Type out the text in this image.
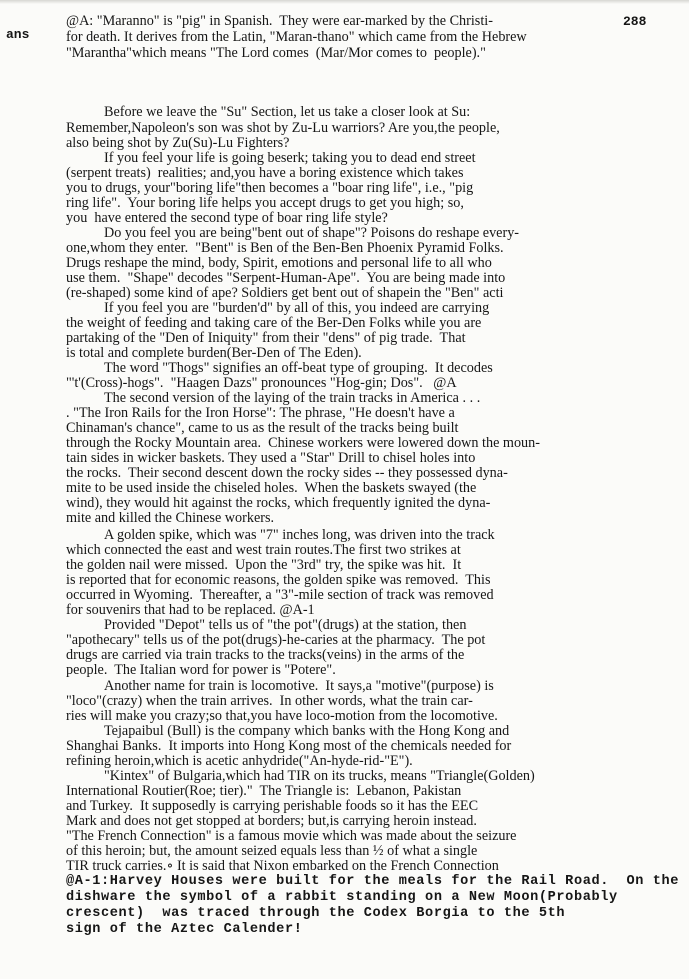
288
ans
@A: "Maranno" is "pig" in Spanish.  They were ear-marked by the Christi-
for death. It derives from the Latin, "Maran-thano" which came from the Hebrew
"Marantha"which means "The Lord comes  (Mar/Mor comes to  people)."
Before we leave the "Su" Section, let us take a closer look at Su:
Remember,Napoleon's son was shot by Zu-Lu warriors? Are you,the people,
also being shot by Zu(Su)-Lu Fighters?
If you feel your life is going beserk; taking you to dead end street
(serpent treats)  realities; and,you have a boring existence which takes
you to drugs, your"boring life"then becomes a "boar ring life", i.e., "pig
ring life".  Your boring life helps you accept drugs to get you high; so,
you  have entered the second type of boar ring life style?
Do you feel you are being"bent out of shape"? Poisons do reshape every-
one,whom they enter.  "Bent" is Ben of the Ben-Ben Phoenix Pyramid Folks.
Drugs reshape the mind, body, Spirit, emotions and personal life to all who
use them.  "Shape" decodes "Serpent-Human-Ape".  You are being made into
(re-shaped) some kind of ape? Soldiers get bent out of shapein the "Ben" acti
If you feel you are "burden'd" by all of this, you indeed are carrying
the weight of feeding and taking care of the Ber-Den Folks while you are
partaking of the "Den of Iniquity" from their "dens" of pig trade.  That
is total and complete burden(Ber-Den of The Eden).
The word "Thogs" signifies an off-beat type of grouping.  It decodes
"'t'(Cross)-hogs".  "Haagen Dazs" pronounces "Hog-gin; Dos".   @A
The second version of the laying of the train tracks in America . . .
. "The Iron Rails for the Iron Horse": The phrase, "He doesn't have a
Chinaman's chance", came to us as the result of the tracks being built
through the Rocky Mountain area.  Chinese workers were lowered down the moun-
tain sides in wicker baskets. They used a "Star" Drill to chisel holes into
the rocks.  Their second descent down the rocky sides -- they possessed dyna-
mite to be used inside the chiseled holes.  When the baskets swayed (the
wind), they would hit against the rocks, which frequently ignited the dyna-
mite and killed the Chinese workers.
A golden spike, which was "7" inches long, was driven into the track
which connected the east and west train routes.The first two strikes at
the golden nail were missed.  Upon the "3rd" try, the spike was hit.  It
is reported that for economic reasons, the golden spike was removed.  This
occurred in Wyoming.  Thereafter, a "3"-mile section of track was removed
for souvenirs that had to be replaced. @A-1
Provided "Depot" tells us of "the pot"(drugs) at the station, then
"apothecary" tells us of the pot(drugs)-he-caries at the pharmacy.  The pot
drugs are carried via train tracks to the tracks(veins) in the arms of the
people.  The Italian word for power is "Potere".
Another name for train is locomotive.  It says,a "motive"(purpose) is
"loco"(crazy) when the train arrives.  In other words, what the train car-
ries will make you crazy;so that,you have loco-motion from the locomotive.
Tejapaibul (Bull) is the company which banks with the Hong Kong and
Shanghai Banks.  It imports into Hong Kong most of the chemicals needed for
refining heroin,which is acetic anhydride("An-hyde-rid-"E").
"Kintex" of Bulgaria,which had TIR on its trucks, means "Triangle(Golden)
International Routier(Roe; tier)."  The Triangle is:  Lebanon, Pakistan
and Turkey.  It supposedly is carrying perishable foods so it has the EEC
Mark and does not get stopped at borders; but,is carrying heroin instead.
"The French Connection" is a famous movie which was made about the seizure
of this heroin; but, the amount seized equals less than ½ of what a single
TIR truck carries.∘ It is said that Nixon embarked on the French Connection
@A-1:Harvey Houses were built for the meals for the Rail Road.  On the
dishware the symbol of a rabbit standing on a New Moon(Probably
crescent)  was traced through the Codex Borgia to the 5th
sign of the Aztec Calender!
